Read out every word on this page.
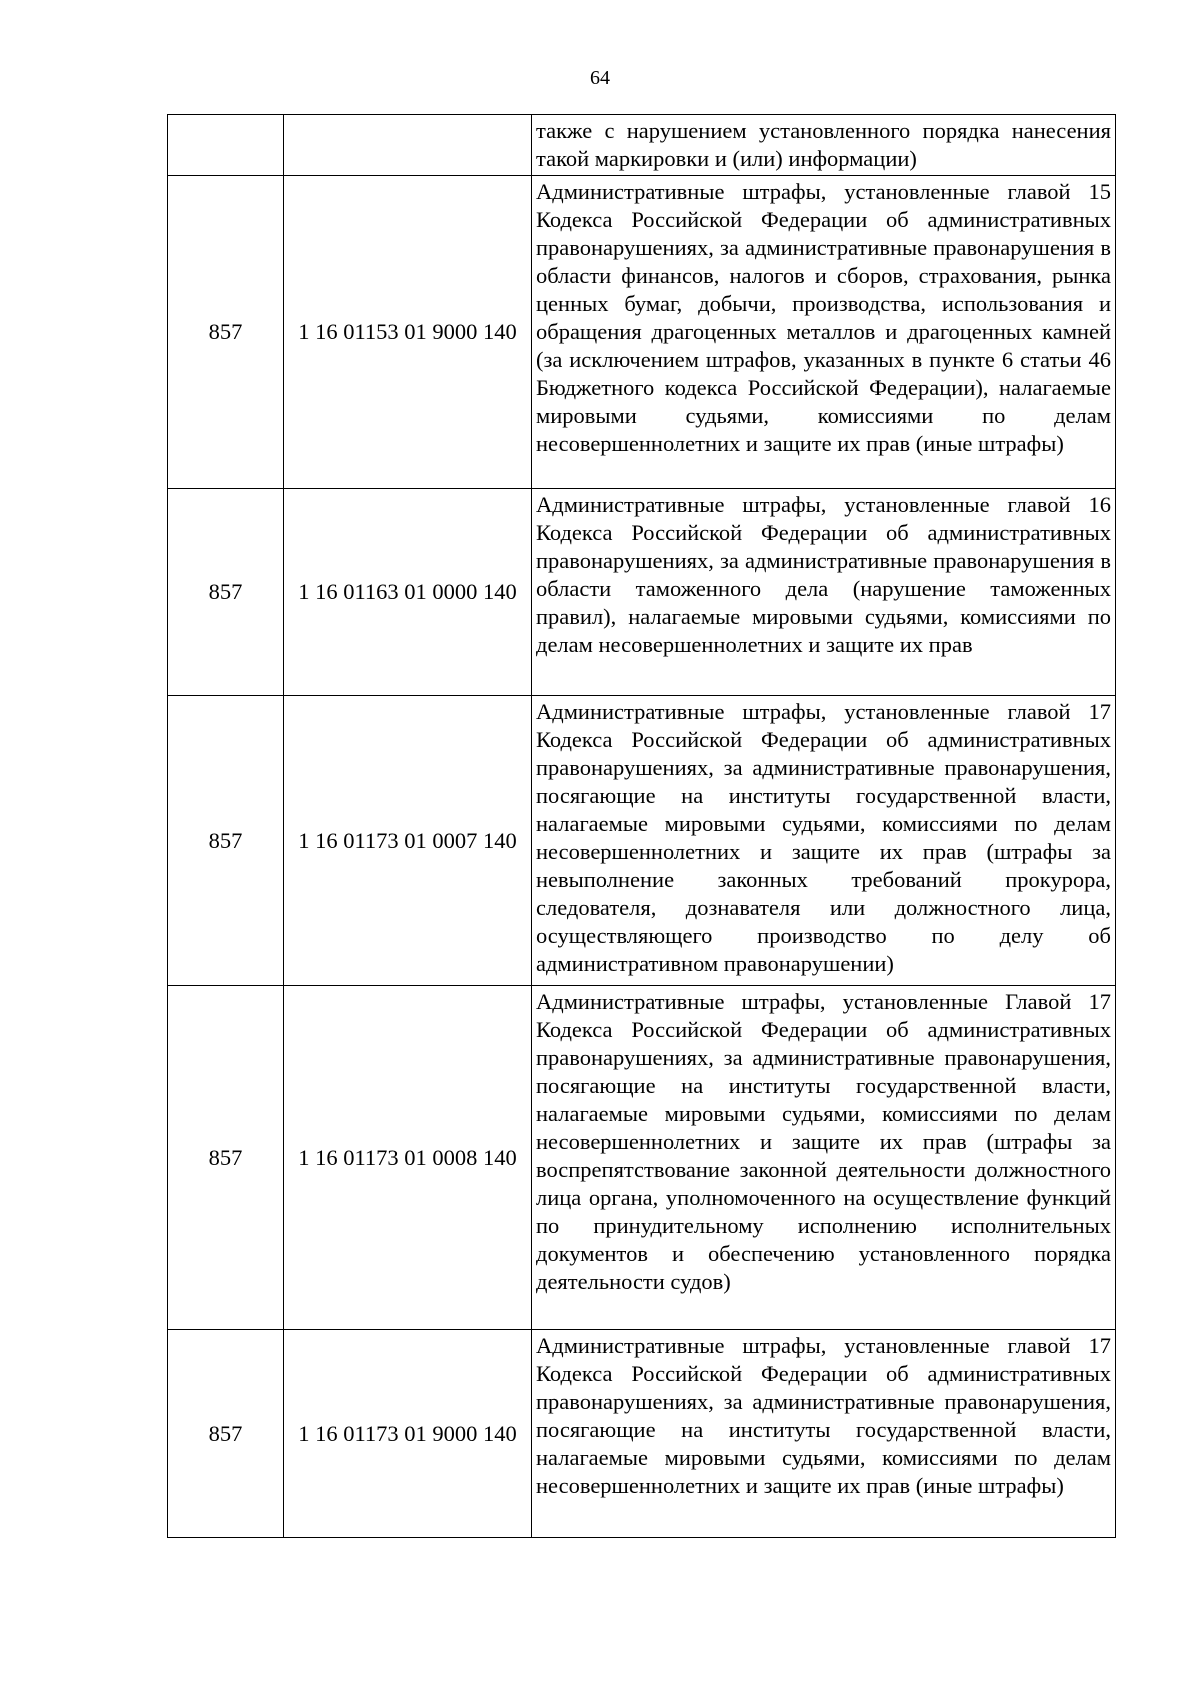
64
		также с нарушением установленного порядка нанесения такой маркировки и (или) информации)
857	1 16 01153 01 9000 140	Административные штрафы, установленные главой 15 Кодекса Российской Федерации об административных правонарушениях, за административные правонарушения в области финансов, налогов и сборов, страхования, рынка ценных бумаг, добычи, производства, использования и обращения драгоценных металлов и драгоценных камней (за исключением штрафов, указанных в пункте 6 статьи 46 Бюджетного кодекса Российской Федерации), налагаемые мировыми судьями, комиссиями по делам несовершеннолетних и защите их прав (иные штрафы)
857	1 16 01163 01 0000 140	Административные штрафы, установленные главой 16 Кодекса Российской Федерации об административных правонарушениях, за административные правонарушения в области таможенного дела (нарушение таможенных правил), налагаемые мировыми судьями, комиссиями по делам несовершеннолетних и защите их прав
857	1 16 01173 01 0007 140	Административные штрафы, установленные главой 17 Кодекса Российской Федерации об административных правонарушениях, за административные правонарушения, посягающие на институты государственной власти, налагаемые мировыми судьями, комиссиями по делам несовершеннолетних и защите их прав (штрафы за невыполнение законных требований прокурора, следователя, дознавателя или должностного лица, осуществляющего производство по делу об административном правонарушении)
857	1 16 01173 01 0008 140	Административные штрафы, установленные Главой 17 Кодекса Российской Федерации об административных правонарушениях, за административные правонарушения, посягающие на институты государственной власти, налагаемые мировыми судьями, комиссиями по делам несовершеннолетних и защите их прав (штрафы за воспрепятствование законной деятельности должностного лица органа, уполномоченного на осуществление функций по принудительному исполнению исполнительных документов и обеспечению установленного порядка деятельности судов)
857	1 16 01173 01 9000 140	Административные штрафы, установленные главой 17 Кодекса Российской Федерации об административных правонарушениях, за административные правонарушения, посягающие на институты государственной власти, налагаемые мировыми судьями, комиссиями по делам несовершеннолетних и защите их прав (иные штрафы)
